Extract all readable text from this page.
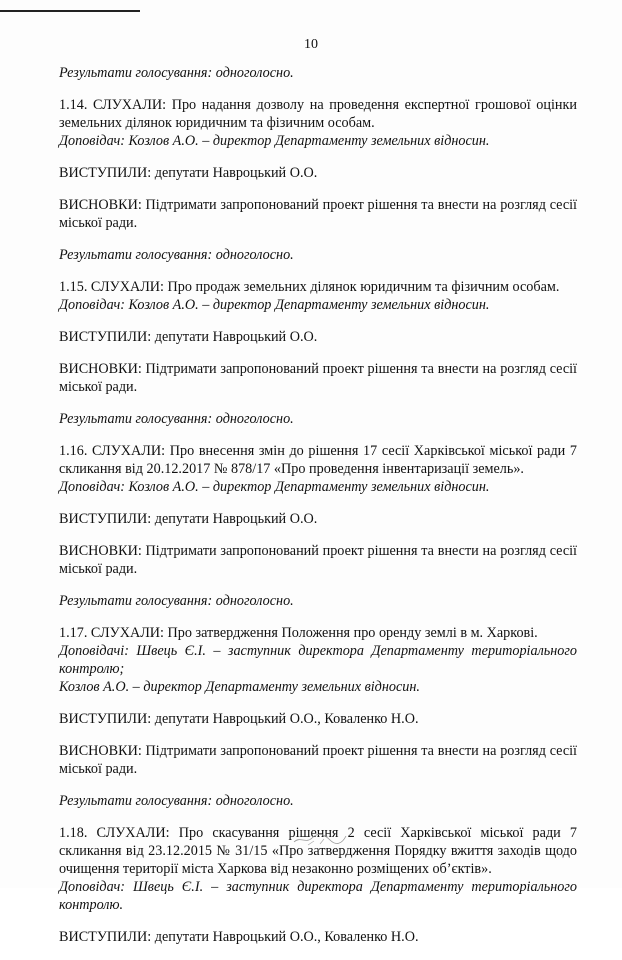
10

Результати голосування: одноголосно.

1.14. СЛУХАЛИ: Про надання дозволу на проведення експертної грошової оцінки земельних ділянок юридичним та фізичним особам.

Доповідач: Козлов А.О. – директор Департаменту земельних відносин.

ВИСТУПИЛИ: депутати Навроцький О.О.

ВИСНОВКИ: Підтримати запропонований проект рішення та внести на розгляд сесії міської ради.

Результати голосування: одноголосно.

1.15. СЛУХАЛИ: Про продаж земельних ділянок юридичним та фізичним особам.

Доповідач: Козлов А.О. – директор Департаменту земельних відносин.

ВИСТУПИЛИ: депутати Навроцький О.О.

ВИСНОВКИ: Підтримати запропонований проект рішення та внести на розгляд сесії міської ради.

Результати голосування: одноголосно.

1.16. СЛУХАЛИ: Про внесення змін до рішення 17 сесії Харківської міської ради 7 скликання від 20.12.2017 № 878/17 «Про проведення інвентаризації земель».

Доповідач: Козлов А.О. – директор Департаменту земельних відносин.

ВИСТУПИЛИ: депутати Навроцький О.О.

ВИСНОВКИ: Підтримати запропонований проект рішення та внести на розгляд сесії міської ради.

Результати голосування: одноголосно.

1.17. СЛУХАЛИ: Про затвердження Положення про оренду землі в м. Харкові.

Доповідачі: Швець Є.І. – заступник директора Департаменту територіального контролю;

Козлов А.О. – директор Департаменту земельних відносин.

ВИСТУПИЛИ: депутати Навроцький О.О., Коваленко Н.О.

ВИСНОВКИ: Підтримати запропонований проект рішення та внести на розгляд сесії міської ради.

Результати голосування: одноголосно.

1.18. СЛУХАЛИ: Про скасування рішення 2 сесії Харківської міської ради 7 скликання від 23.12.2015 № 31/15 «Про затвердження Порядку вжиття заходів щодо очищення території міста Харкова від незаконно розміщених об’єктів».

Доповідач: Швець Є.І. – заступник директора Департаменту територіального контролю.

ВИСТУПИЛИ: депутати Навроцький О.О., Коваленко Н.О.
